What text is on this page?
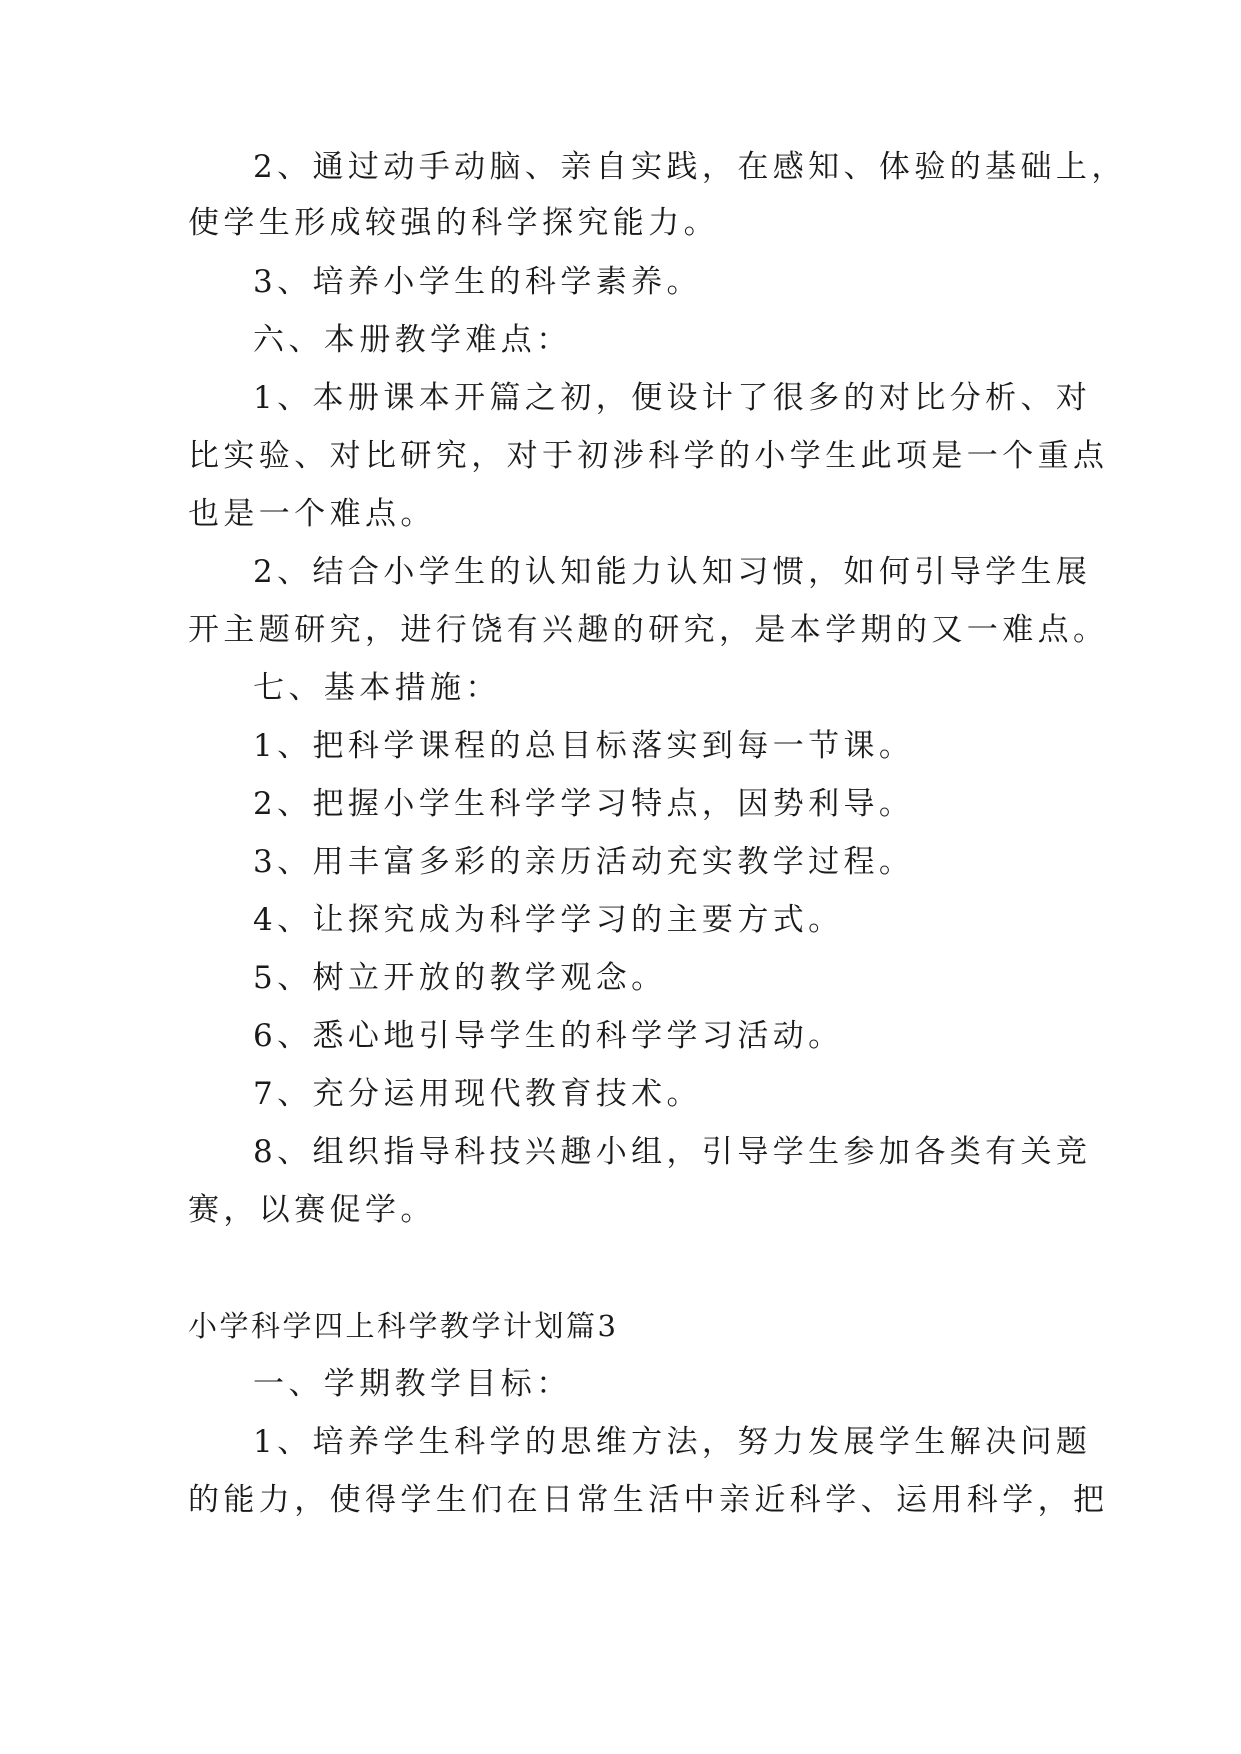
2、通过动手动脑、亲自实践，在感知、体验的基础上，
使学生形成较强的科学探究能力。
3、培养小学生的科学素养。
六、本册教学难点：
1、本册课本开篇之初，便设计了很多的对比分析、对
比实验、对比研究，对于初涉科学的小学生此项是一个重点
也是一个难点。
2、结合小学生的认知能力认知习惯，如何引导学生展
开主题研究，进行饶有兴趣的研究，是本学期的又一难点。
七、基本措施：
1、把科学课程的总目标落实到每一节课。
2、把握小学生科学学习特点，因势利导。
3、用丰富多彩的亲历活动充实教学过程。
4、让探究成为科学学习的主要方式。
5、树立开放的教学观念。
6、悉心地引导学生的科学学习活动。
7、充分运用现代教育技术。
8、组织指导科技兴趣小组，引导学生参加各类有关竞
赛，以赛促学。
小学科学四上科学教学计划篇3
一、学期教学目标：
1、培养学生科学的思维方法，努力发展学生解决问题
的能力，使得学生们在日常生活中亲近科学、运用科学，把
